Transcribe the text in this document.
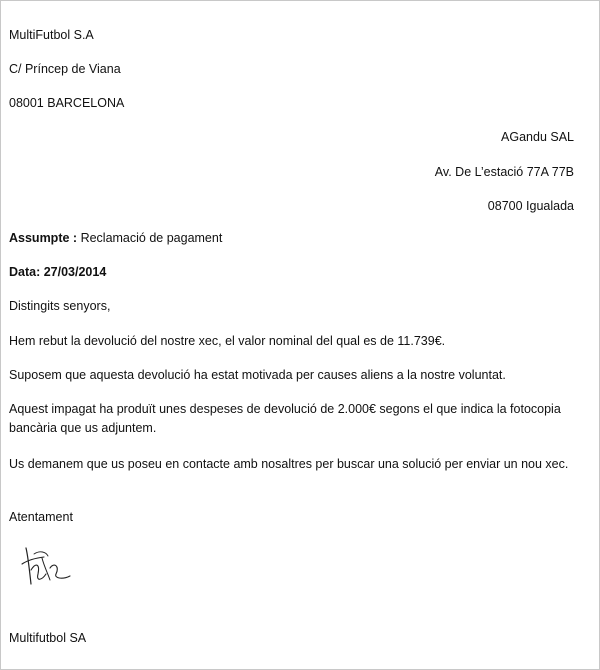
MultiFutbol S.A
C/ Príncep de Viana
08001 BARCELONA
AGandu SAL
Av. De L’estació 77A 77B
08700 Igualada
Assumpte : Reclamació de pagament
Data: 27/03/2014
Distingits senyors,
Hem rebut la devolució del nostre xec, el valor nominal del qual es de 11.739€.
Suposem que aquesta devolució ha estat motivada per causes aliens a la nostre voluntat.
Aquest impagat ha produït unes despeses de devolució de 2.000€ segons el que indica la fotocopia bancària que us adjuntem.
Us demanem que us poseu en contacte amb nosaltres per buscar una solució per enviar un nou xec.
Atentament
Multifutbol SA
